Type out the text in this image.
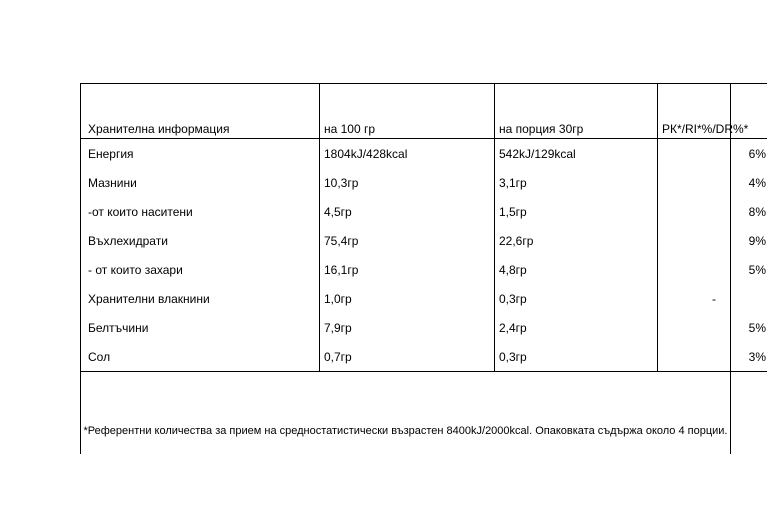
Хранителна информация	на 100 гр	на порция 30гр	РК*/RI*%/DR%*
Енергия	1804kJ/428kcal	542kJ/129kcal	6%
Мазнини	10,3гр	3,1гр	4%
-от които наситени	4,5гр	1,5гр	8%
Въхлехидрати	75,4гр	22,6гр	9%
- от които захари	16,1гр	4,8гр	5%
Хранителни влакнини	1,0гр	0,3гр	-
Белтъчини	7,9гр	2,4гр	5%
Сол	0,7гр	0,3гр	3%
*Референтни количества за прием на средностатистически възрастен 8400kJ/2000kcal. Опаковката съдържа около 4 порции.
